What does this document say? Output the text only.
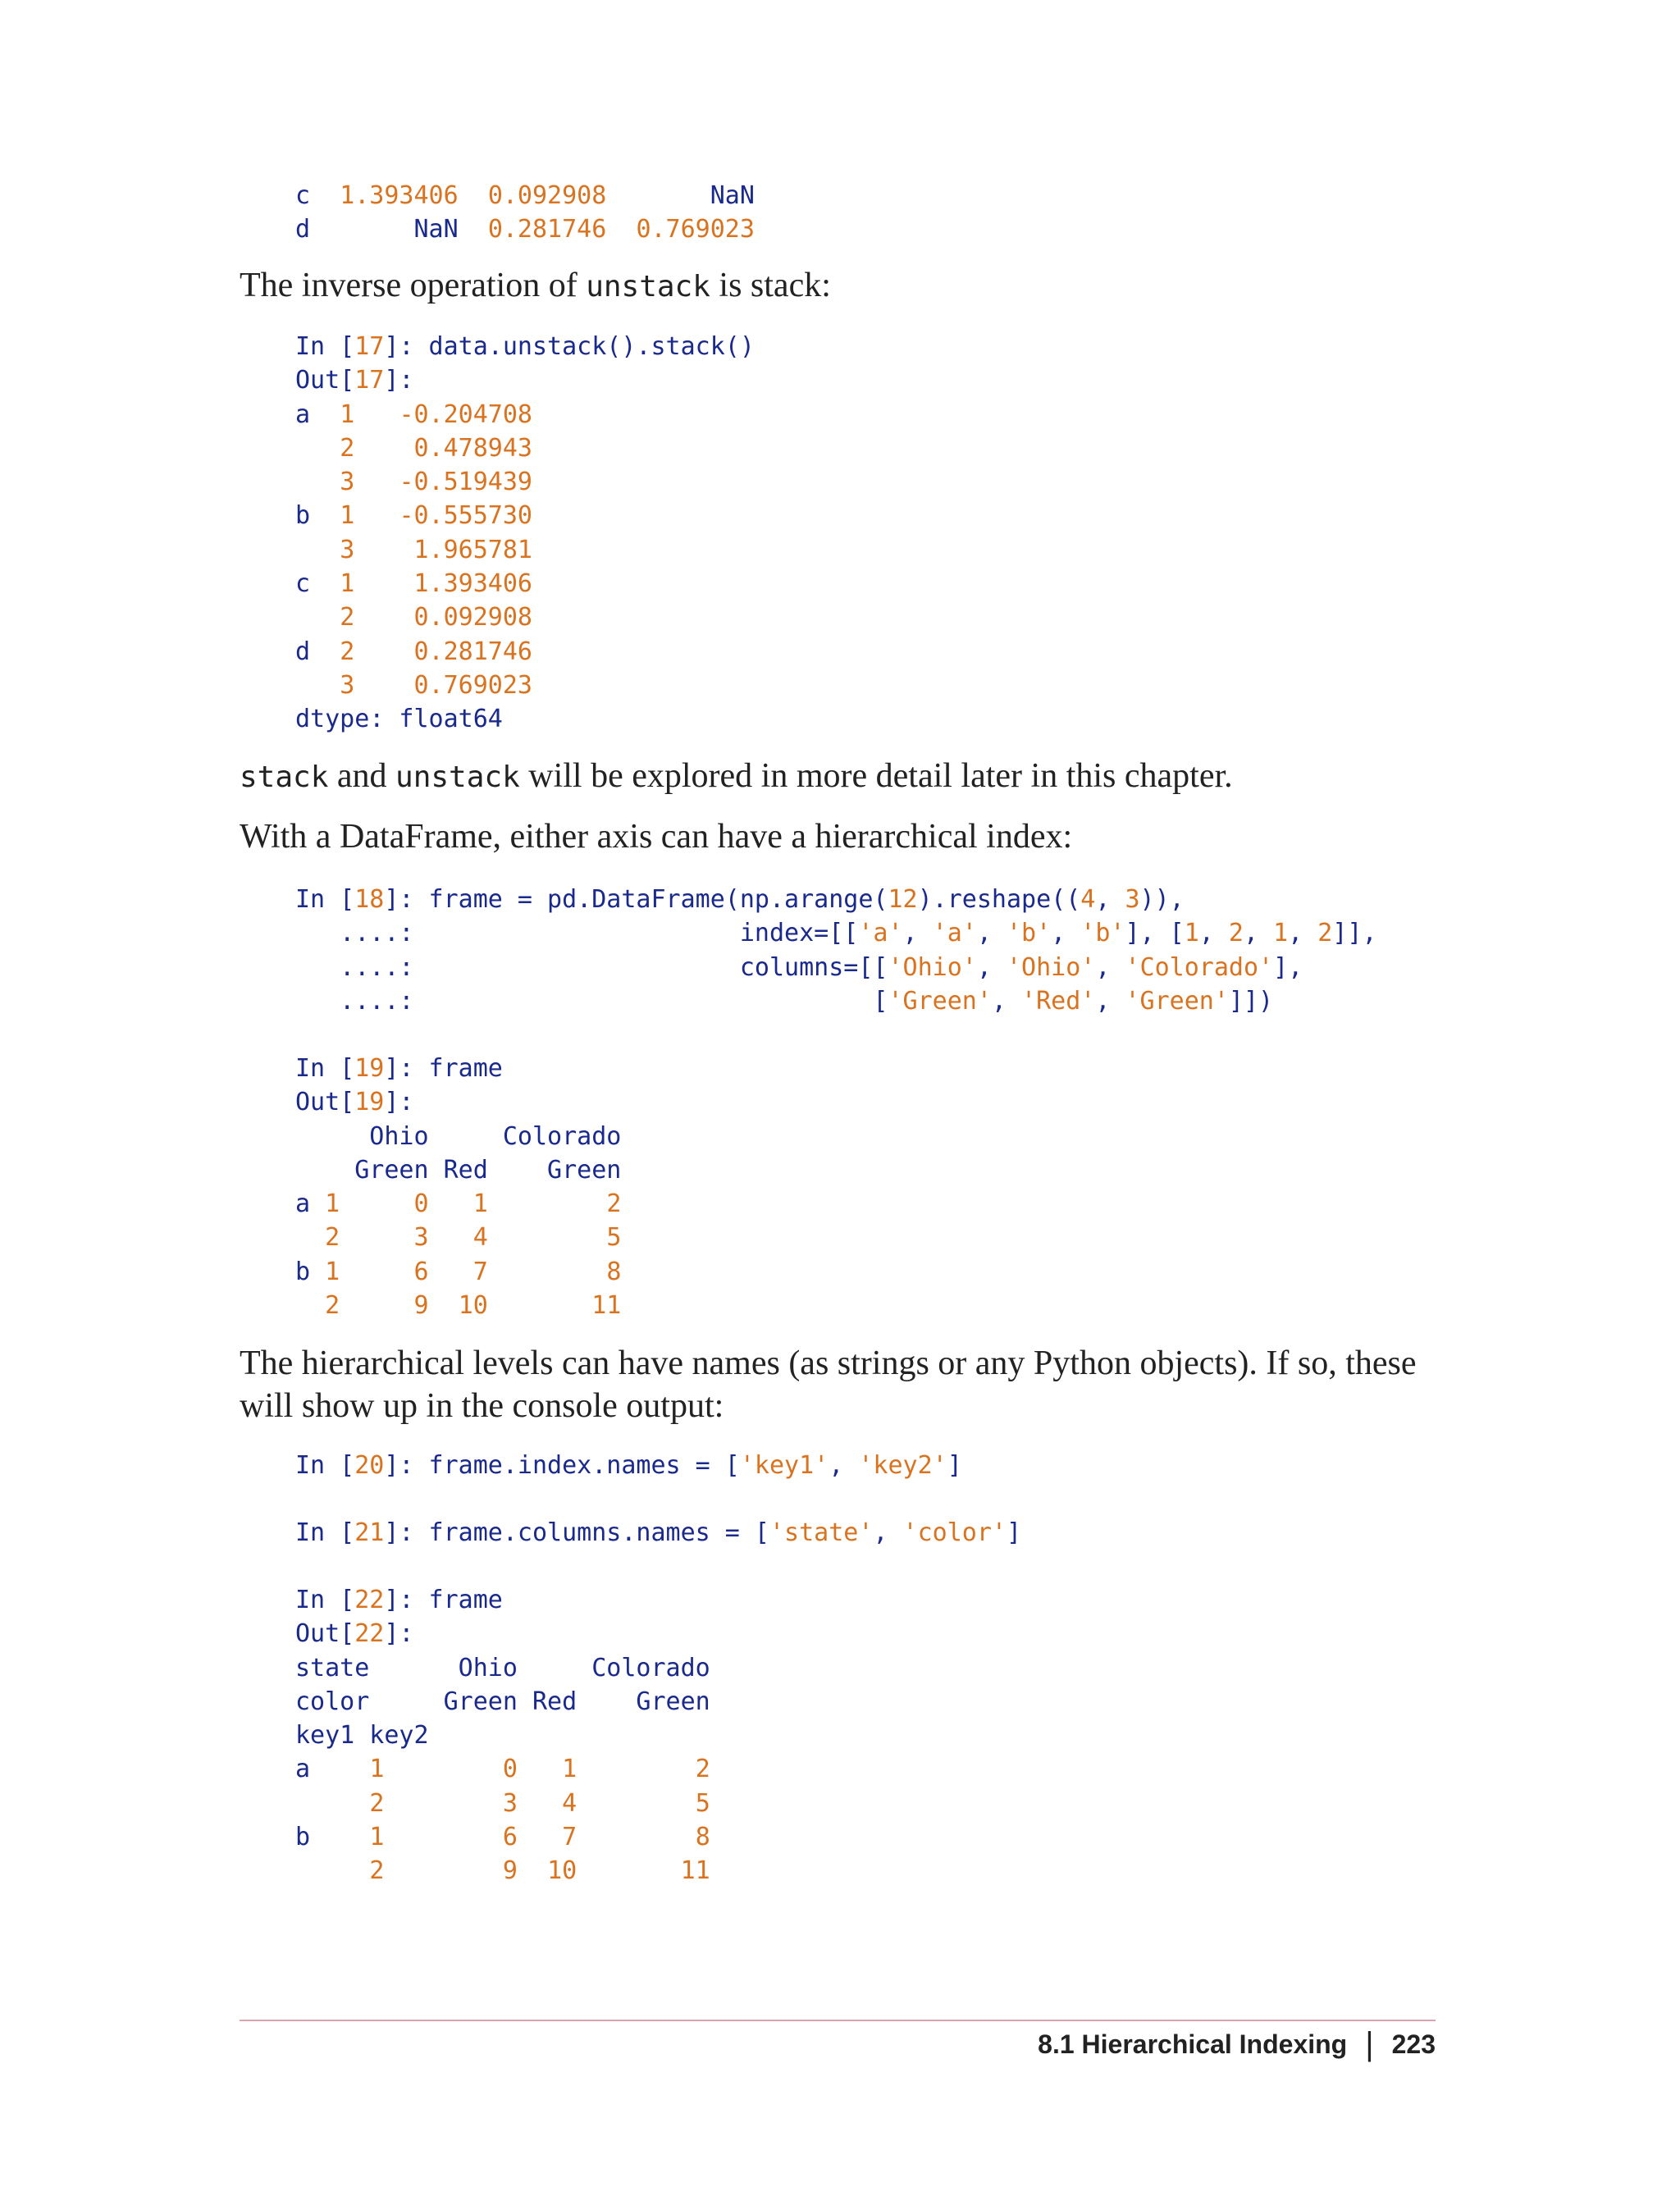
c  1.393406 0.092908	NaN
d       NaN  0.281746 0.769023

The inverse operation of unstack is stack:

In [17]: data.unstack().stack()
Out[17]:
a  1 -0.204708
2 0.478943
3 -0.519439
b  1 -0.555730
3 1.965781
c  1 1.393406
2 0.092908
d  2 0.281746
3 0.769023
dtype: float64

stack and unstack will be explored in more detail later in this chapter.

With a DataFrame, either axis can have a hierarchical index:

In [18]: frame = pd.DataFrame(np.arange(12).reshape((4, 3)),
....:                      index=[['a', 'a', 'b', 'b'], [1, 2, 1, 2]],
....:                      columns=[['Ohio', 'Ohio', 'Colorado'],
....:                               ['Green', 'Red', 'Green']])
In [19]: frame
Out[19]:
Ohio     Colorado
Green Red    Green
a 1	0 1	2
2	3 4	5
b 1	6 7	8
2	9 10	11

The hierarchical levels can have names (as strings or any Python objects). If so, these will show up in the console output:

In [20]: frame.index.names = ['key1', 'key2']
In [21]: frame.columns.names = ['state', 'color']
In [22]: frame
Out[22]:
state      Ohio     Colorado
color     Green Red    Green
key1 key2
a    1	0 1	2
2	3 4	5
b    1	6 7	8
2	9 10	11
8.1 Hierarchical Indexing | 223
